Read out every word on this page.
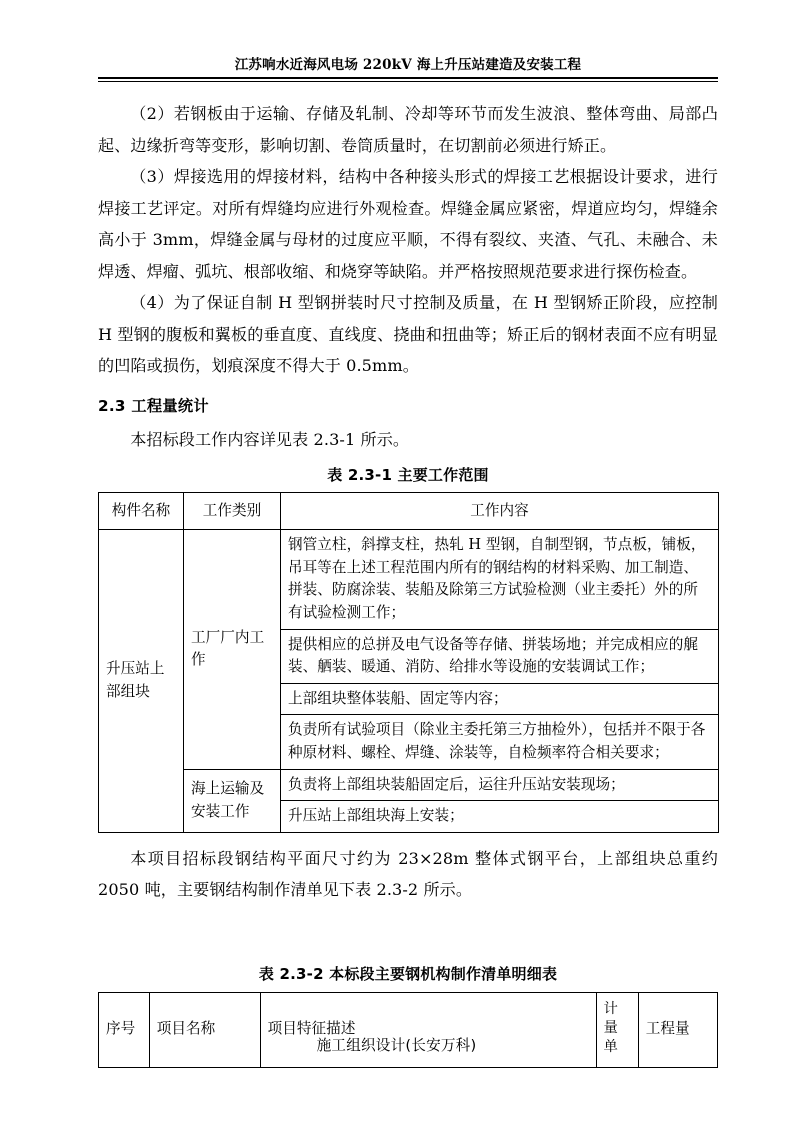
江苏响水近海风电场 220kV 海上升压站建造及安装工程

（2）若钢板由于运输、存储及轧制、冷却等环节而发生波浪、整体弯曲、局部凸起、边缘折弯等变形，影响切割、卷筒质量时，在切割前必须进行矫正。

（3）焊接选用的焊接材料，结构中各种接头形式的焊接工艺根据设计要求，进行焊接工艺评定。对所有焊缝均应进行外观检查。焊缝金属应紧密，焊道应均匀，焊缝余高小于 3mm，焊缝金属与母材的过度应平顺，不得有裂纹、夹渣、气孔、未融合、未焊透、焊瘤、弧坑、根部收缩、和烧穿等缺陷。并严格按照规范要求进行探伤检查。

（4）为了保证自制 H 型钢拼装时尺寸控制及质量，在 H 型钢矫正阶段，应控制 H 型钢的腹板和翼板的垂直度、直线度、挠曲和扭曲等；矫正后的钢材表面不应有明显的凹陷或损伤，划痕深度不得大于 0.5mm。

2.3 工程量统计

本招标段工作内容详见表 2.3-1 所示。

表 2.3-1 主要工作范围
构件名称	工作类别	工作内容
升压站上部组块	工厂厂内工作	钢管立柱，斜撑支柱，热轧 H 型钢，自制型钢，节点板，铺板，吊耳等在上述工程范围内所有的钢结构的材料采购、加工制造、拼装、防腐涂装、装船及除第三方试验检测（业主委托）外的所有试验检测工作；
		提供相应的总拼及电气设备等存储、拼装场地；并完成相应的艉装、舾装、暖通、消防、给排水等设施的安装调试工作；
		上部组块整体装船、固定等内容；
		负责所有试验项目（除业主委托第三方抽检外），包括并不限于各种原材料、螺栓、焊缝、涂装等，自检频率符合相关要求；
	海上运输及安装工作	负责将上部组块装船固定后，运往升压站安装现场；
		升压站上部组块海上安装；

本项目招标段钢结构平面尺寸约为 23×28m 整体式钢平台，上部组块总重约 2050 吨，主要钢结构制作清单见下表 2.3-2 所示。

表 2.3-2 本标段主要钢机构制作清单明细表
序号	项目名称	项目特征描述	计量单	工程量
施工组织设计(长安万科)
